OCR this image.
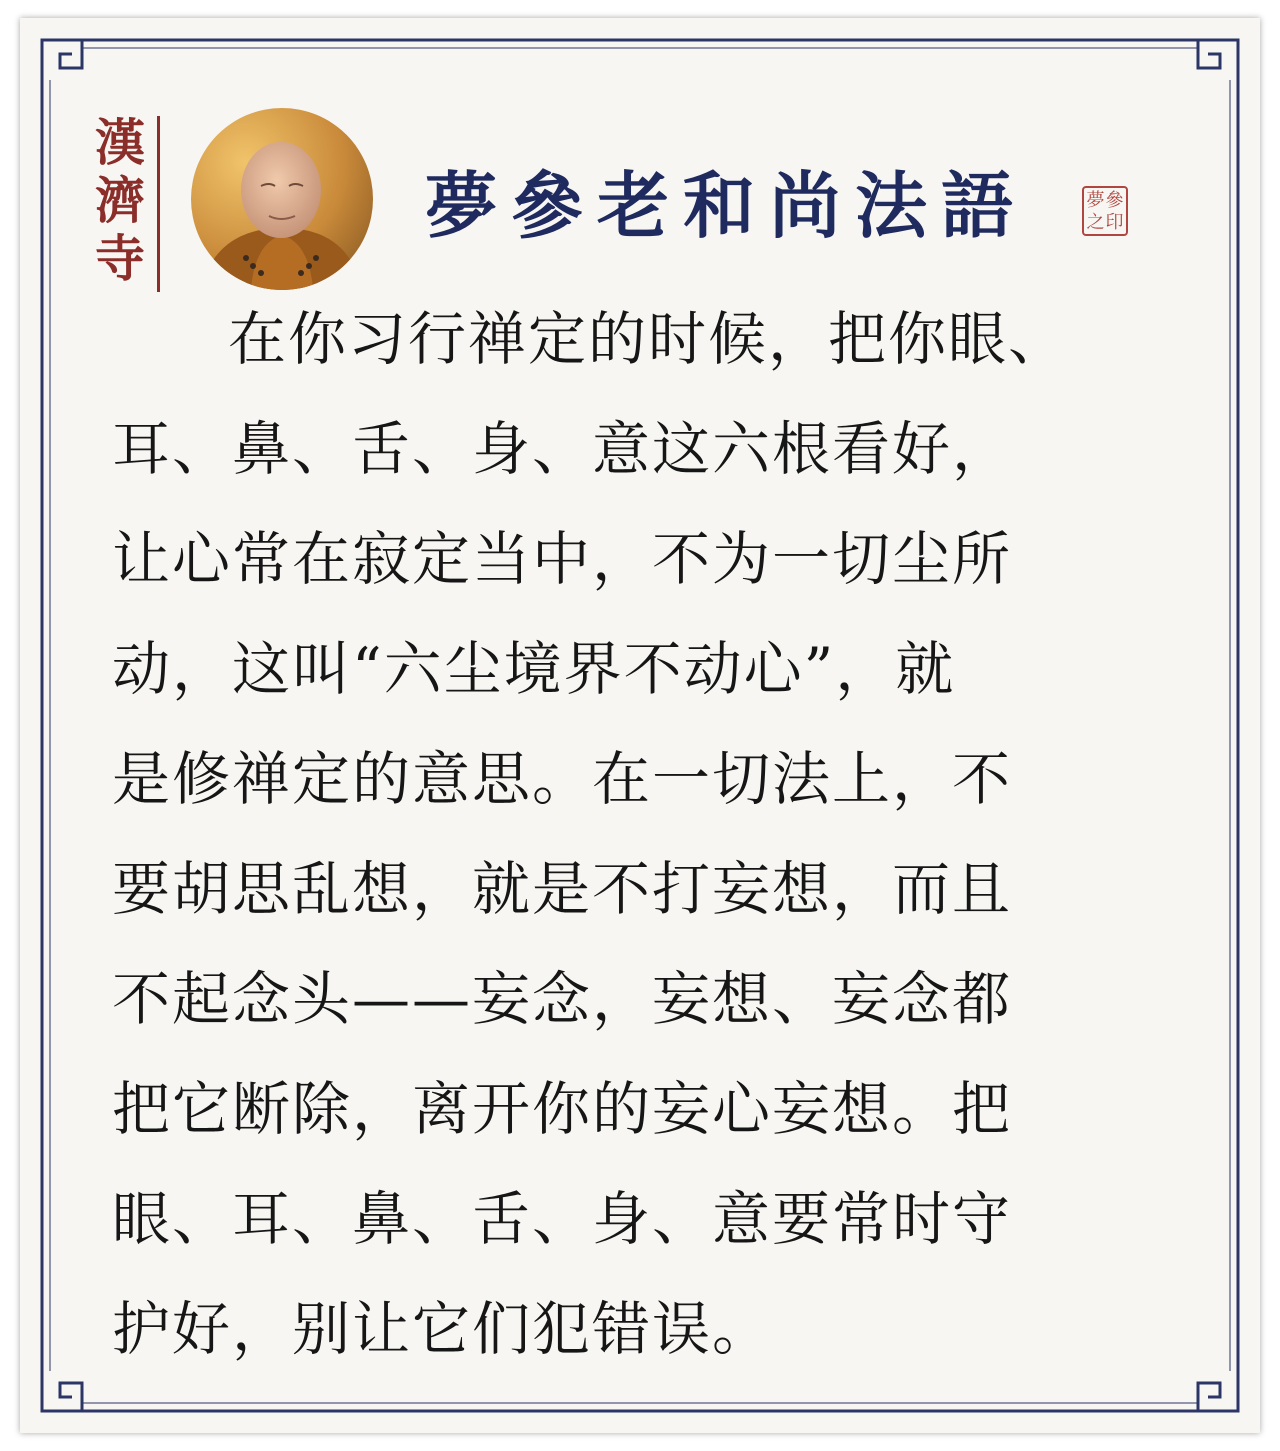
漢
濟
寺
夢參老和尚法語	夢 參
之 印
在你习行禅定的时候，把你眼、
耳、鼻、舌、身、意这六根看好，
让心常在寂定当中，不为一切尘所
动，这叫“六尘境界不动心”，就
是修禅定的意思。在一切法上，不
要胡思乱想，就是不打妄想，而且
不起念头——妄念，妄想、妄念都
把它断除，离开你的妄心妄想。把
眼、耳、鼻、舌、身、意要常时守
护好，别让它们犯错误。
